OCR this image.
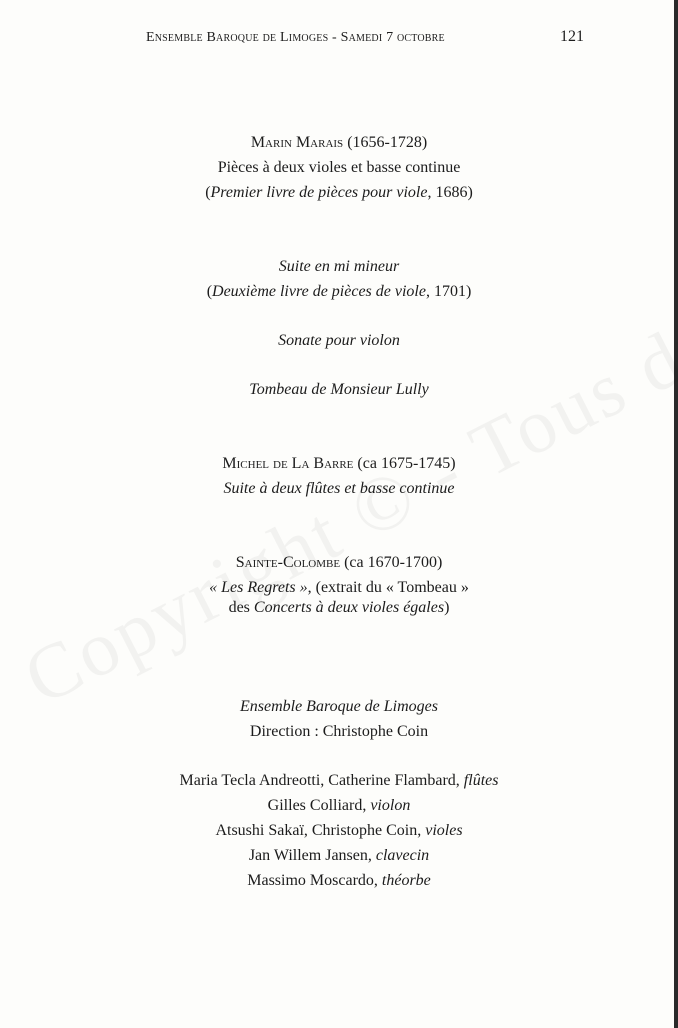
Ensemble Baroque de Limoges - Samedi 7 octobre	121
Marin Marais (1656-1728)
Pièces à deux violes et basse continue
(Premier livre de pièces pour viole, 1686)
Suite en mi mineur
(Deuxième livre de pièces de viole, 1701)
Sonate pour violon
Tombeau de Monsieur Lully
Michel de La Barre (ca 1675-1745)
Suite à deux flûtes et basse continue
Sainte-Colombe (ca 1670-1700)
« Les Regrets », (extrait du « Tombeau »
des Concerts à deux violes égales)
Ensemble Baroque de Limoges
Direction : Christophe Coin
Maria Tecla Andreotti, Catherine Flambard, flûtes
Gilles Colliard, violon
Atsushi Sakaï, Christophe Coin, violes
Jan Willem Jansen, clavecin
Massimo Moscardo, théorbe
